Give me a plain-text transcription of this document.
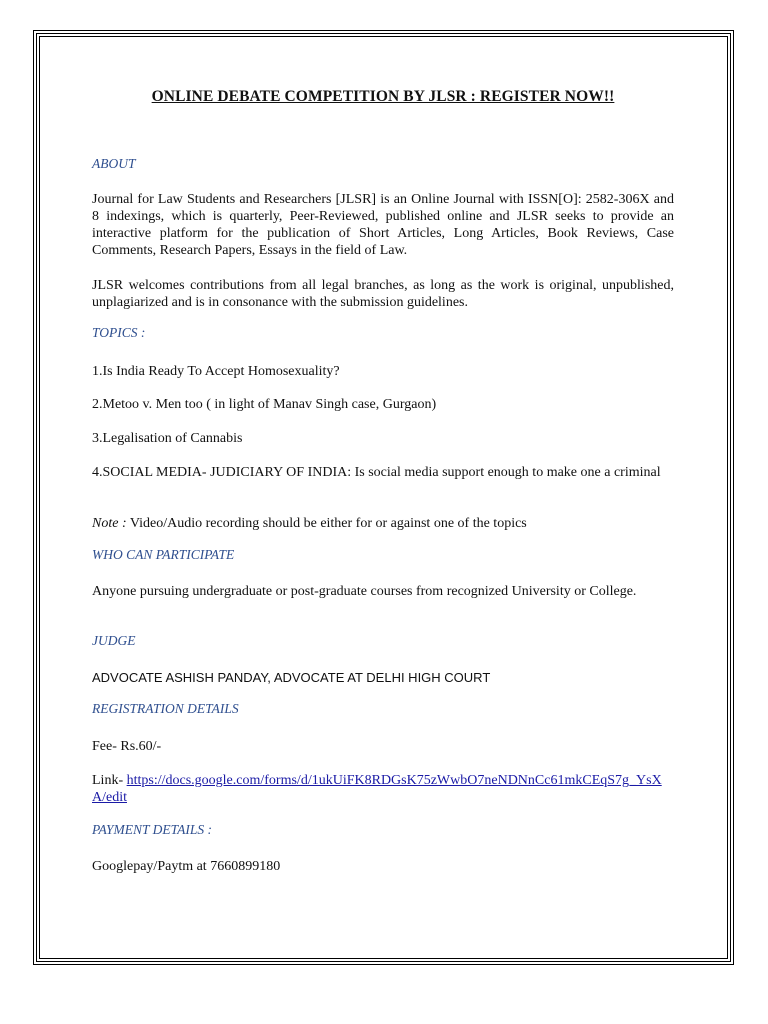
ONLINE DEBATE COMPETITION BY JLSR : REGISTER NOW!!

ABOUT

Journal for Law Students and Researchers [JLSR] is an Online Journal with ISSN[O]: 2582-306X and 8 indexings, which is quarterly, Peer-Reviewed, published online and JLSR seeks to provide an interactive platform for the publication of Short Articles, Long Articles, Book Reviews, Case Comments, Research Papers, Essays in the field of Law.

JLSR welcomes contributions from all legal branches, as long as the work is original, unpublished, unplagiarized and is in consonance with the submission guidelines.

TOPICS :

1.Is India Ready To Accept Homosexuality?

2.Metoo v. Men too ( in light of Manav Singh case, Gurgaon)

3.Legalisation of Cannabis

4.SOCIAL MEDIA- JUDICIARY OF INDIA: Is social media support enough to make one a criminal

Note : Video/Audio recording should be either for or against one of the topics

WHO CAN PARTICIPATE

Anyone pursuing undergraduate or post-graduate courses from recognized University or College.

JUDGE

ADVOCATE ASHISH PANDAY, ADVOCATE AT DELHI HIGH COURT

REGISTRATION DETAILS

Fee- Rs.60/-

Link- https://docs.google.com/forms/d/1ukUiFK8RDGsK75zWwbO7neNDNnCc61mkCEqS7g_YsXA/edit

PAYMENT DETAILS :

Googlepay/Paytm at 7660899180
